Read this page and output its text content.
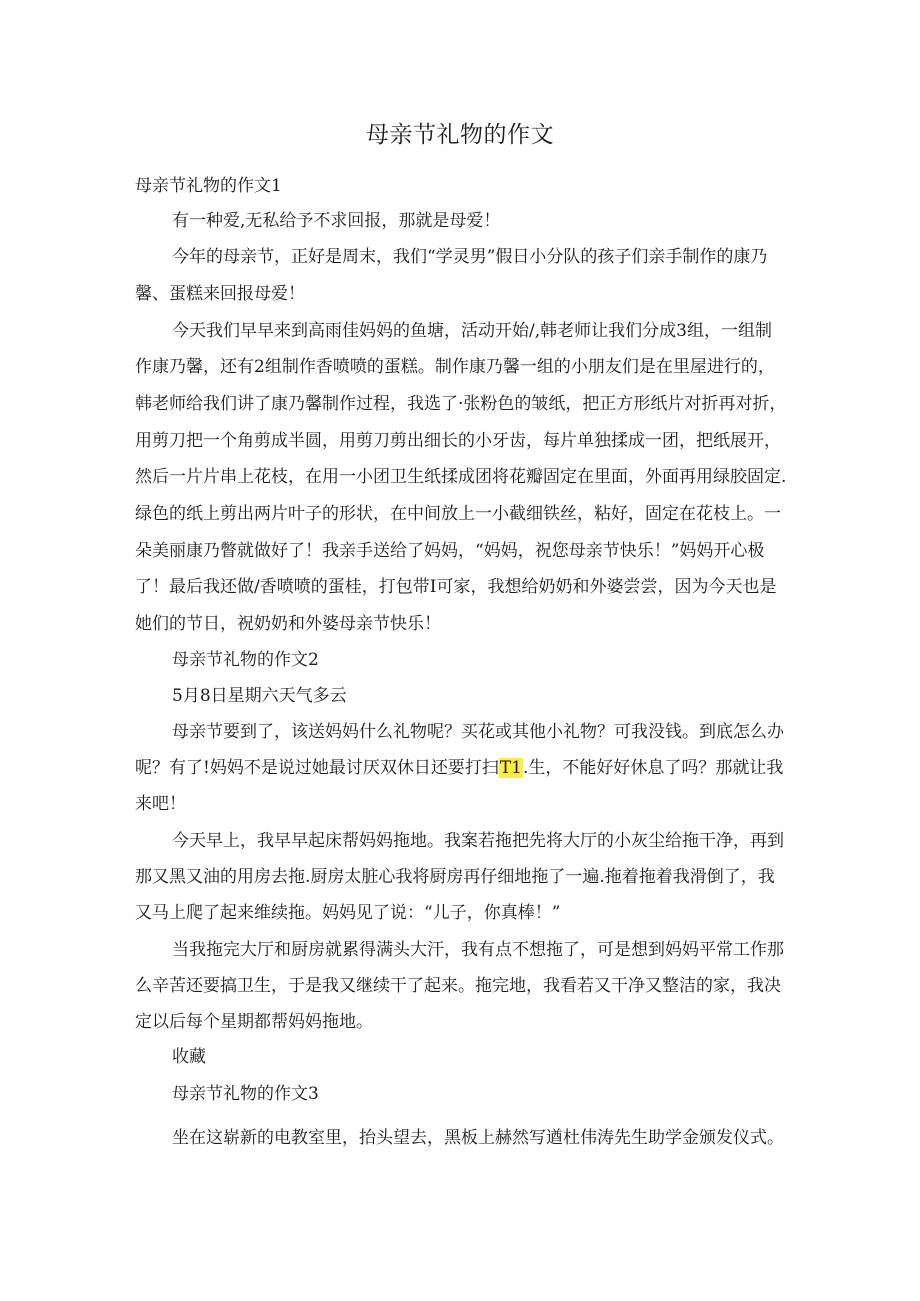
母亲节礼物的作文
母亲节礼物的作文1
有一种爱,无私给予不求回报，那就是母爱！
今年的母亲节，正好是周末，我们“学灵男”假日小分队的孩子们亲手制作的康乃
馨、蛋糕来回报母爱！
今天我们早早来到高雨佳妈妈的鱼塘，活动开始/,韩老师让我们分成3组，一组制
作康乃馨，还有2组制作香喷喷的蛋糕。制作康乃馨一组的小朋友们是在里屋进行的，
韩老师给我们讲了康乃馨制作过程，我选了·张粉色的皱纸，把正方形纸片对折再对折，
用剪刀把一个角剪成半圆，用剪刀剪出细长的小牙齿，每片单独揉成一团，把纸展开，
然后一片片串上花枝，在用一小团卫生纸揉成团将花瓣固定在里面，外面再用绿胶固定.
绿色的纸上剪出两片叶子的形状，在中间放上一小截细铁丝，粘好，固定在花枝上。一
朵美丽康乃瞥就做好了！我亲手送给了妈妈，“妈妈，祝您母亲节快乐！”妈妈开心极
了！最后我还做/香喷喷的蛋桂，打包带I可家，我想给奶奶和外婆尝尝，因为今天也是
她们的节日，祝奶奶和外婆母亲节快乐！
母亲节礼物的作文2
5月8日星期六天气多云
母亲节要到了，该送妈妈什么礼物呢？买花或其他小礼物？可我没钱。到底怎么办
呢？有了!妈妈不是说过她最讨厌双休日还要打扫T1.生，不能好好休息了吗？那就让我
来吧！
今天早上，我早早起床帮妈妈拖地。我案若拖把先将大厅的小灰尘给拖干净，再到
那又黑又油的用房去拖.厨房太脏心我将厨房再仔细地拖了一遍.拖着拖着我滑倒了，我
又马上爬了起来维续拖。妈妈见了说：“儿子，你真棒！”
当我拖完大厅和厨房就累得满头大汗，我有点不想拖了，可是想到妈妈平常工作那
么辛苦还要搞卫生，于是我又继续干了起来。拖完地，我看若又干净又整洁的家，我决
定以后每个星期都帮妈妈拖地。
收藏
母亲节礼物的作文3
坐在这崭新的电教室里，抬头望去，黑板上赫然写遒杜伟涛先生助学金颁发仪式。
